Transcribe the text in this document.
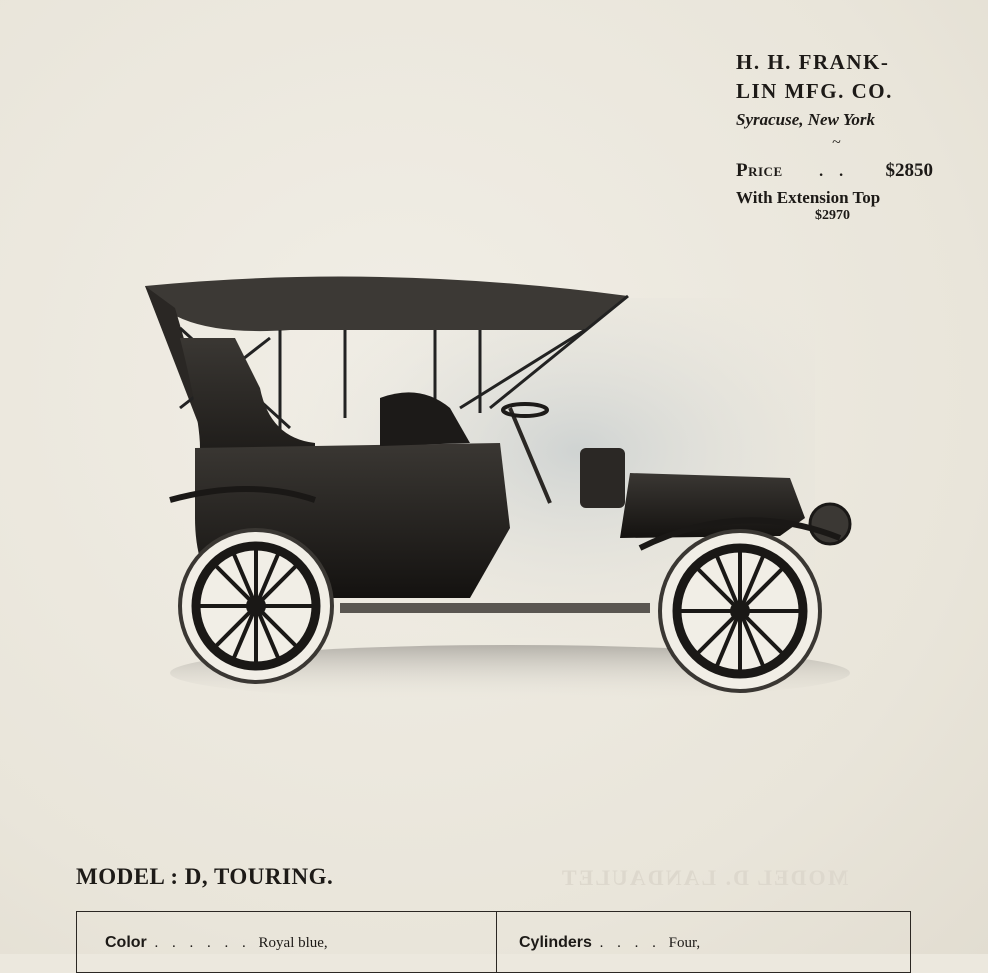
H. H. FRANK-
LIN MFG. CO.
Syracuse, New York
~
Price . . $2850
With Extension Top
$2970
MODEL D. LANDAULET
MODEL : D, TOURING.
Color . . . . . . Royal blue,	Cylinders . . . . Four,
